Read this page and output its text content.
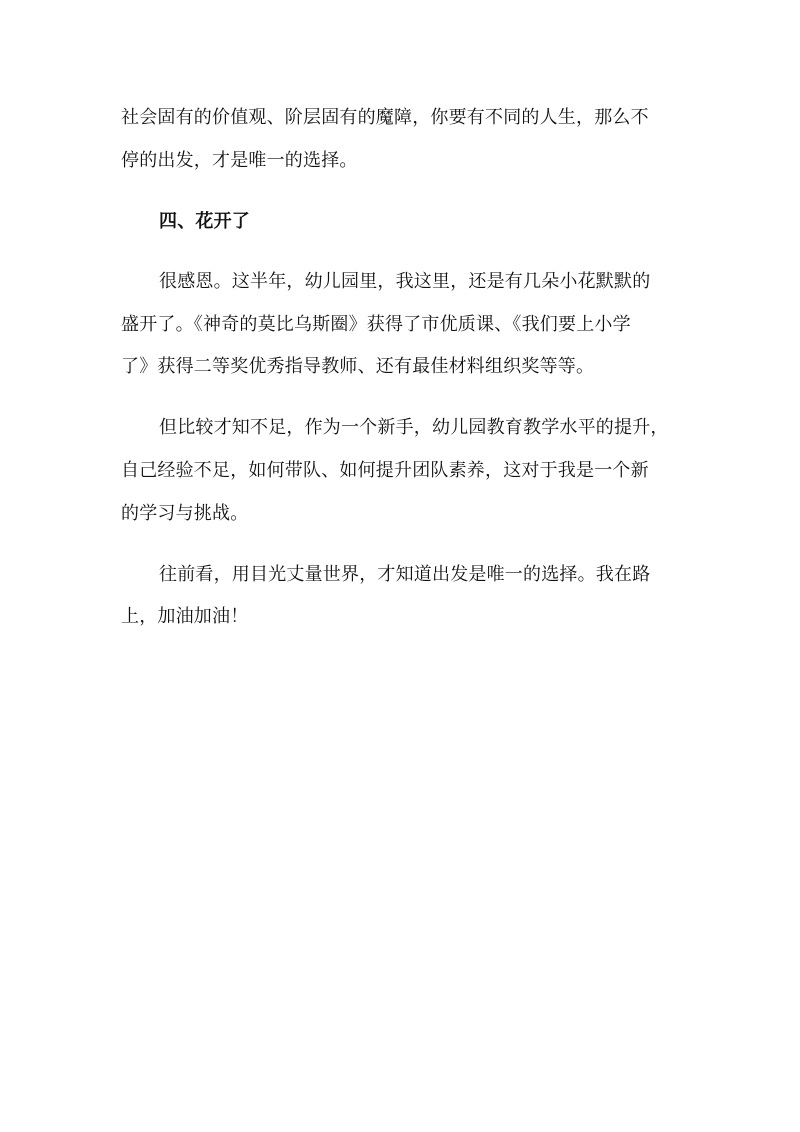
社会固有的价值观、阶层固有的魔障，你要有不同的人生，那么不
停的出发，才是唯一的选择。
四、花开了
很感恩。这半年，幼儿园里，我这里，还是有几朵小花默默的
盛开了。《神奇的莫比乌斯圈》获得了市优质课、《我们要上小学
了》获得二等奖优秀指导教师、还有最佳材料组织奖等等。
但比较才知不足，作为一个新手，幼儿园教育教学水平的提升，
自己经验不足，如何带队、如何提升团队素养，这对于我是一个新
的学习与挑战。
往前看，用目光丈量世界，才知道出发是唯一的选择。我在路
上，加油加油！
